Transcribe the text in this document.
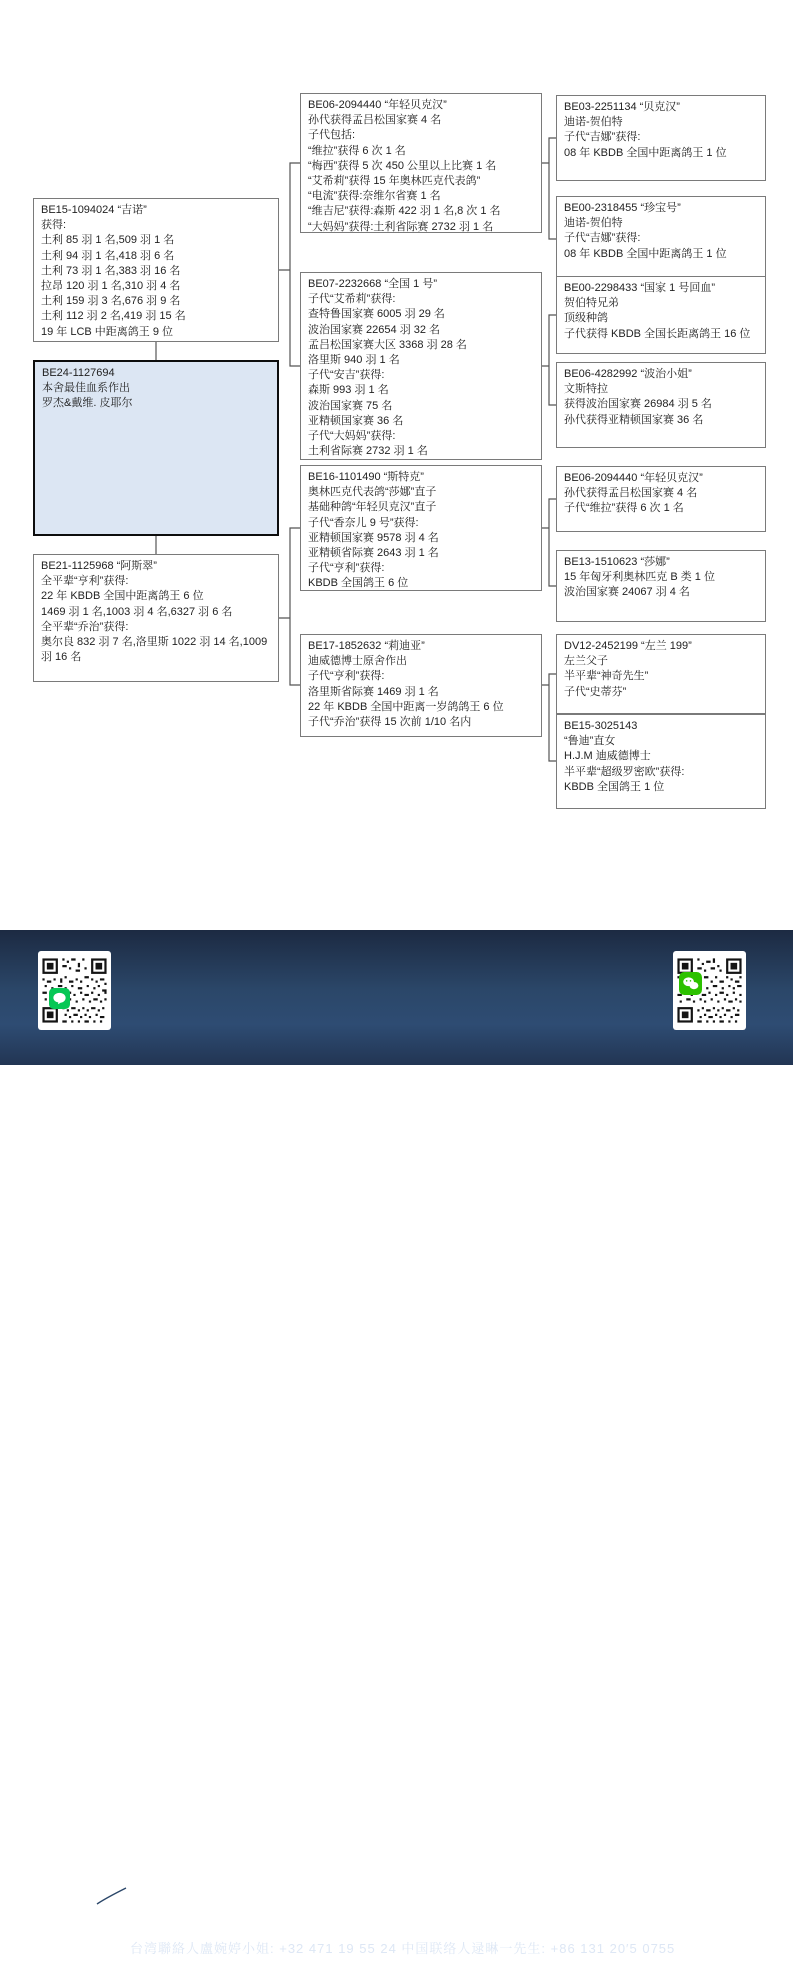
BE15-1094024 “吉诺”
获得:
土利 85 羽 1 名,509 羽 1 名
土利 94 羽 1 名,418 羽 6 名
土利 73 羽 1 名,383 羽 16 名
拉昂 120 羽 1 名,310 羽 4 名
土利 159 羽 3 名,676 羽 9 名
土利 112 羽 2 名,419 羽 15 名
19 年 LCB 中距离鸽王 9 位
BE24-1127694
本舍最佳血系作出
罗杰&戴维. 皮耶尔
BE21-1125968 “阿斯翠”
全平辈“亨利”获得:
22 年 KBDB 全国中距离鸽王 6 位
1469 羽 1 名,1003 羽 4 名,6327 羽 6 名
全平辈“乔治”获得:
奥尔良 832 羽 7 名,洛里斯 1022 羽 14 名,1009
羽 16 名
BE06-2094440 “年轻贝克汉”
孙代获得孟吕松国家赛 4 名
子代包括:
“维拉”获得 6 次 1 名
“梅西”获得 5 次 450 公里以上比赛 1 名
“艾希莉”获得 15 年奥林匹克代表鸽”
“电流”获得:奈维尔省赛 1 名
“维吉尼”获得:森斯 422 羽 1 名,8 次 1 名
“大妈妈”获得:土利省际赛 2732 羽 1 名
BE07-2232668 “全国 1 号”
子代“艾希莉”获得:
查特鲁国家赛 6005 羽 29 名
波治国家赛 22654 羽 32 名
孟吕松国家赛大区 3368 羽 28 名
洛里斯 940 羽 1 名
子代“安吉”获得:
森斯 993 羽 1 名
波治国家赛 75 名
亚精顿国家赛 36 名
子代“大妈妈”获得:
土利省际赛 2732 羽 1 名
BE16-1101490 “斯特克”
奥林匹克代表鸽“莎娜”直子
基础种鸽“年轻贝克汉”直子
子代“香奈儿 9 号”获得:
亚精顿国家赛 9578 羽 4 名
亚精顿省际赛 2643 羽 1 名
子代“亨利”获得:
KBDB 全国鸽王 6 位
BE17-1852632 “莉迪亚”
迪威德博士原舍作出
子代“亨利”获得:
洛里斯省际赛 1469 羽 1 名
22 年 KBDB 全国中距离一岁鸽鸽王 6 位
子代“乔治”获得 15 次前 1/10 名内
BE03-2251134 “贝克汉”
迪诺-贺伯特
子代“吉娜”获得:
08 年 KBDB 全国中距离鸽王 1 位
BE00-2318455 “珍宝号”
迪诺-贺伯特
子代“吉娜”获得:
08 年 KBDB 全国中距离鸽王 1 位
BE00-2298433 “国家 1 号回血”
贺伯特兄弟
顶级种鸽
子代获得 KBDB 全国长距离鸽王 16 位
BE06-4282992 “波治小姐”
文斯特拉
获得波治国家赛 26984 羽 5 名
孙代获得亚精顿国家赛 36 名
BE06-2094440 “年轻贝克汉”
孙代获得孟吕松国家赛 4 名
子代“维拉”获得 6 次 1 名
BE13-1510623 “莎娜”
15 年匈牙利奥林匹克 B 类 1 位
波治国家赛 24067 羽 4 名
DV12-2452199 “左兰 199”
左兰父子
半平辈“神奇先生”
子代“史蒂芬”
BE15-3025143
“鲁迪”直女
H.J.M 迪威德博士
半平辈“超级罗密欧”获得:
KBDB 全国鸽王 1 位
Herbots 品质至上 WWW.HERBOTS.BE
jo@herbots.be - miet@herbots.be - wangting@herbots.be - pieterjan@herbots.be
台湾聯絡人盧婉婷小姐: +32 471 19 55 24 中国联络人逯晽一先生: +86 131 20′5 0755
贺伯特家族...秉持品质第一与诚实可靠，力求提供完美的服务！
